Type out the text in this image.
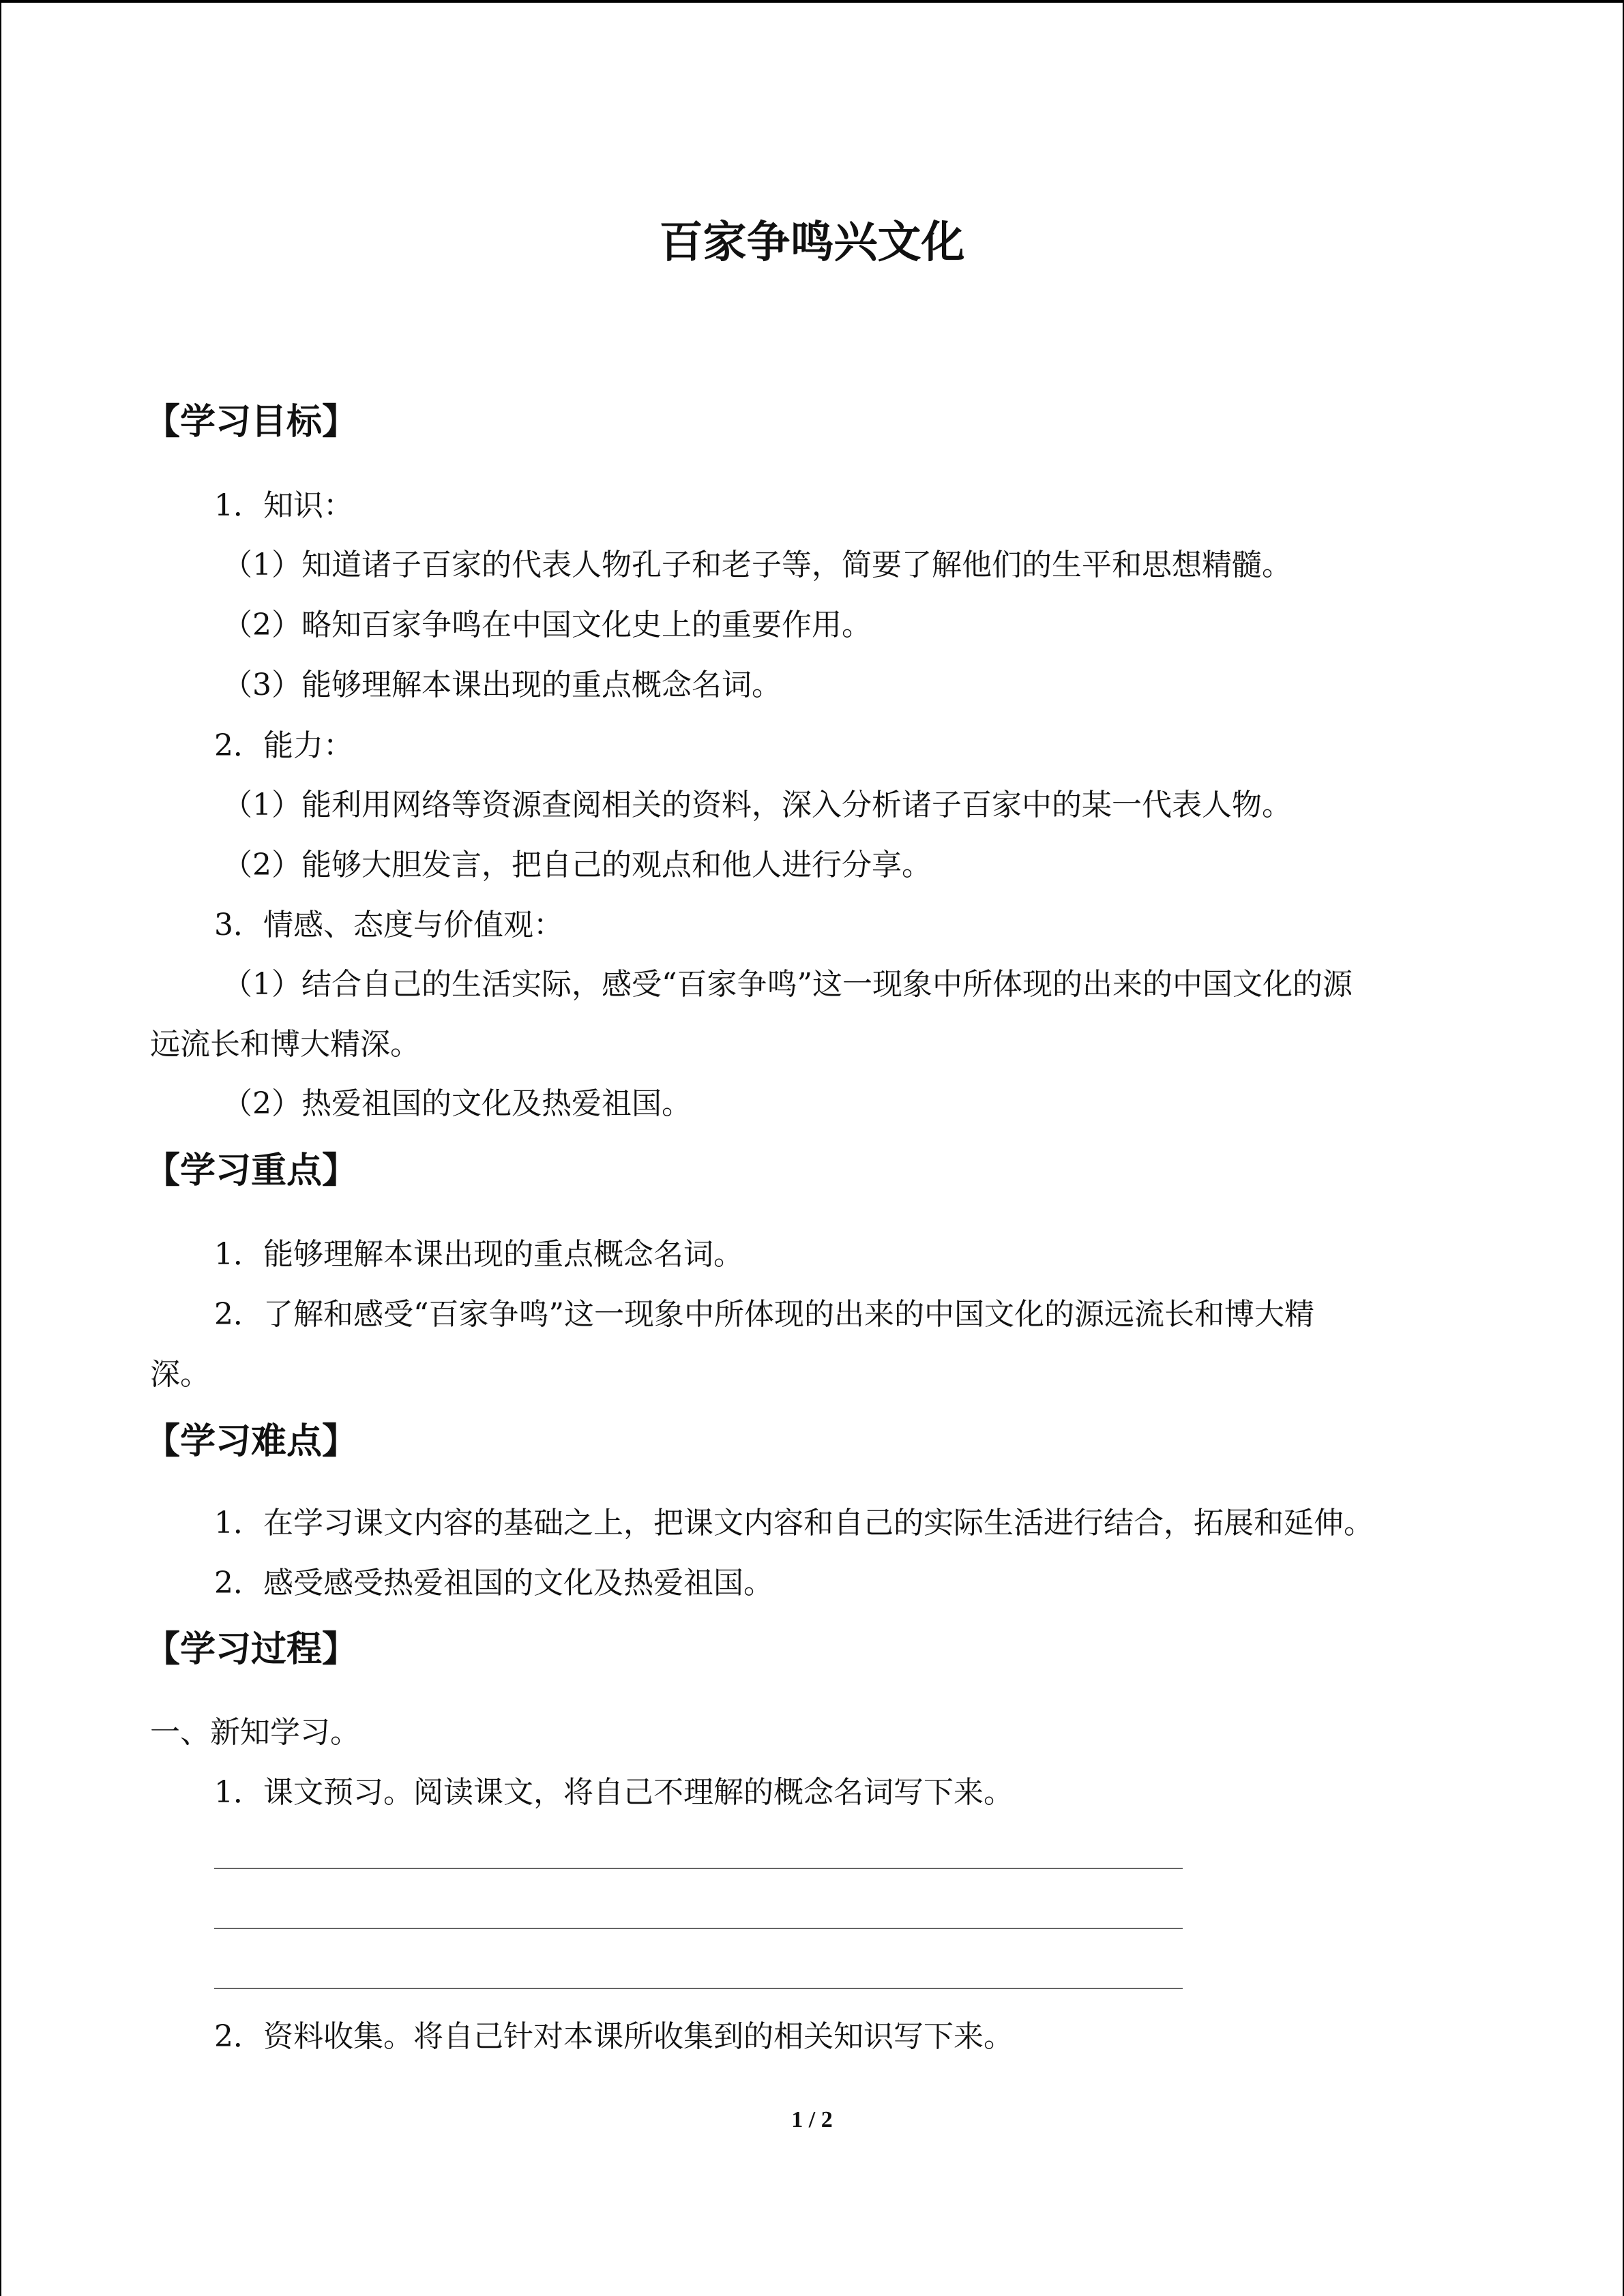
百家争鸣兴文化
【学习目标】
1．知识：
（1）知道诸子百家的代表人物孔子和老子等，简要了解他们的生平和思想精髓。
（2）略知百家争鸣在中国文化史上的重要作用。
（3）能够理解本课出现的重点概念名词。
2．能力：
（1）能利用网络等资源查阅相关的资料，深入分析诸子百家中的某一代表人物。
（2）能够大胆发言，把自己的观点和他人进行分享。
3．情感、态度与价值观：
（1）结合自己的生活实际，感受“百家争鸣”这一现象中所体现的出来的中国文化的源
远流长和博大精深。
（2）热爱祖国的文化及热爱祖国。
【学习重点】
1．能够理解本课出现的重点概念名词。
2．了解和感受“百家争鸣”这一现象中所体现的出来的中国文化的源远流长和博大精
深。
【学习难点】
1．在学习课文内容的基础之上，把课文内容和自己的实际生活进行结合，拓展和延伸。
2．感受感受热爱祖国的文化及热爱祖国。
【学习过程】
一、新知学习。
1．课文预习。阅读课文，将自己不理解的概念名词写下来。
2．资料收集。将自己针对本课所收集到的相关知识写下来。
1 / 2
